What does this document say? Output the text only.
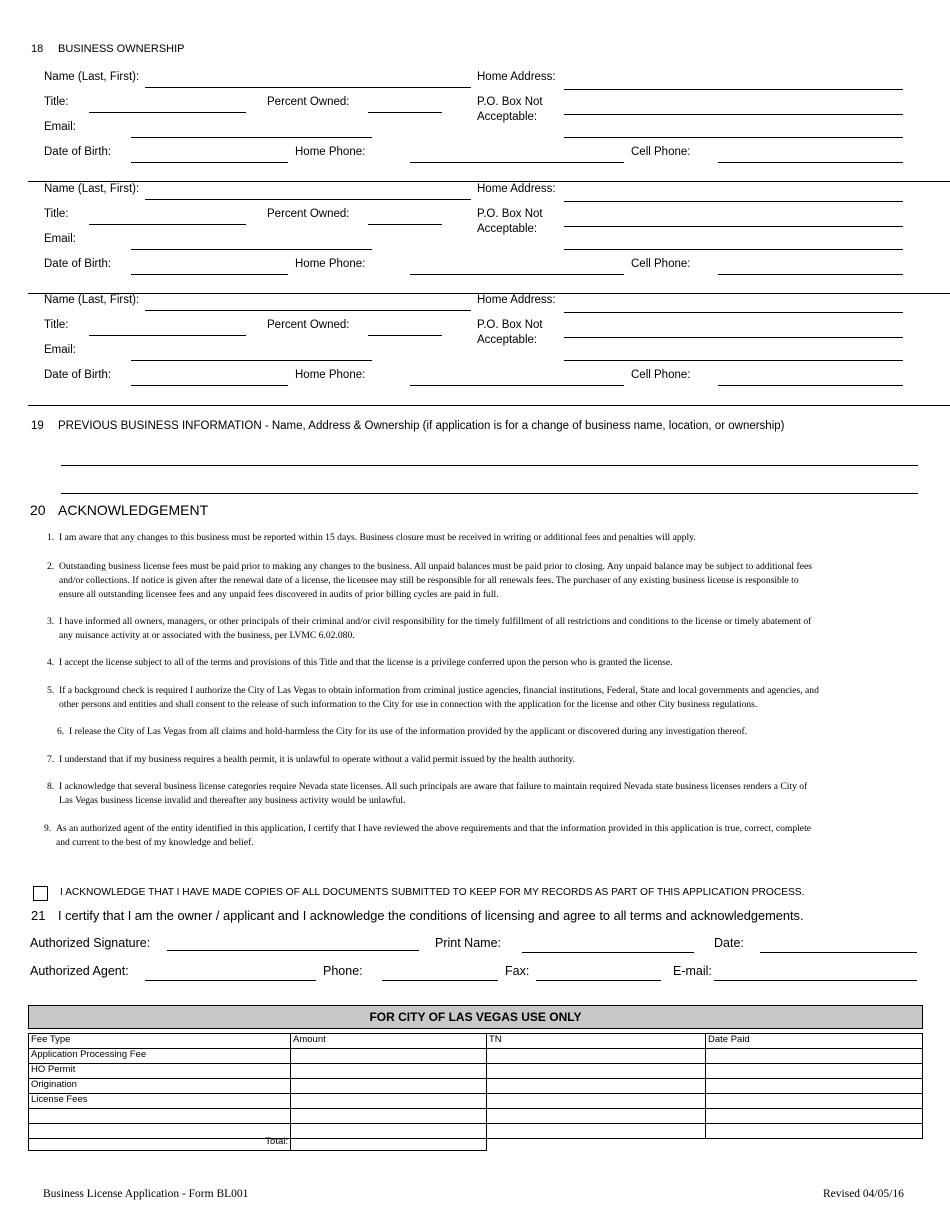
18 BUSINESS OWNERSHIP
Name (Last, First):	Home Address:
Title:	Percent Owned:	P.O. Box Not
Acceptable:
Email:
Date of Birth:	Home Phone:	Cell Phone:
Name (Last, First):	Home Address:
Title:	Percent Owned:	P.O. Box Not
Acceptable:
Email:
Date of Birth:	Home Phone:	Cell Phone:
Name (Last, First):	Home Address:
Title:	Percent Owned:	P.O. Box Not
Acceptable:
Email:
Date of Birth:	Home Phone:	Cell Phone:
19 PREVIOUS BUSINESS INFORMATION - Name, Address & Ownership (if application is for a change of business name, location, or ownership)
20 ACKNOWLEDGEMENT
1. I am aware that any changes to this business must be reported within 15 days. Business closure must be received in writing or additional fees and penalties will apply.
2. Outstanding business license fees must be paid prior to making any changes to the business. All unpaid balances must be paid prior to closing. Any unpaid balance may be subject to additional fees
and/or collections. If notice is given after the renewal date of a license, the licensee may still be responsible for all renewals fees. The purchaser of any existing business license is responsible to
ensure all outstanding licensee fees and any unpaid fees discovered in audits of prior billing cycles are paid in full.
3. I have informed all owners, managers, or other principals of their criminal and/or civil responsibility for the timely fulfillment of all restrictions and conditions to the license or timely abatement of
any nuisance activity at or associated with the business, per LVMC 6.02.080.
4. I accept the license subject to all of the terms and provisions of this Title and that the license is a privilege conferred upon the person who is granted the license.
5. If a background check is required I authorize the City of Las Vegas to obtain information from criminal justice agencies, financial institutions, Federal, State and local governments and agencies, and
other persons and entities and shall consent to the release of such information to the City for use in connection with the application for the license and other City business regulations.
6. I release the City of Las Vegas from all claims and hold-harmless the City for its use of the information provided by the applicant or discovered during any investigation thereof.
7. I understand that if my business requires a health permit, it is unlawful to operate without a valid permit issued by the health authority.
8. I acknowledge that several business license categories require Nevada state licenses. All such principals are aware that failure to maintain required Nevada state business licenses renders a City of
Las Vegas business license invalid and thereafter any business activity would be unlawful.
9. As an authorized agent of the entity identified in this application, I certify that I have reviewed the above requirements and that the information provided in this application is true, correct, complete
and current to the best of my knowledge and belief.
I ACKNOWLEDGE THAT I HAVE MADE COPIES OF ALL DOCUMENTS SUBMITTED TO KEEP FOR MY RECORDS AS PART OF THIS APPLICATION PROCESS.
21 I certify that I am the owner / applicant and I acknowledge the conditions of licensing and agree to all terms and acknowledgements.
Authorized Signature:	Print Name:	Date:
Authorized Agent:	Phone:	Fax:	E-mail:
FOR CITY OF LAS VEGAS USE ONLY
Fee Type	Amount	TN	Date Paid
Application Processing Fee			
HO Permit			
Origination			
License Fees			

Total:	
Business License Application - Form BL001	Revised 04/05/16
